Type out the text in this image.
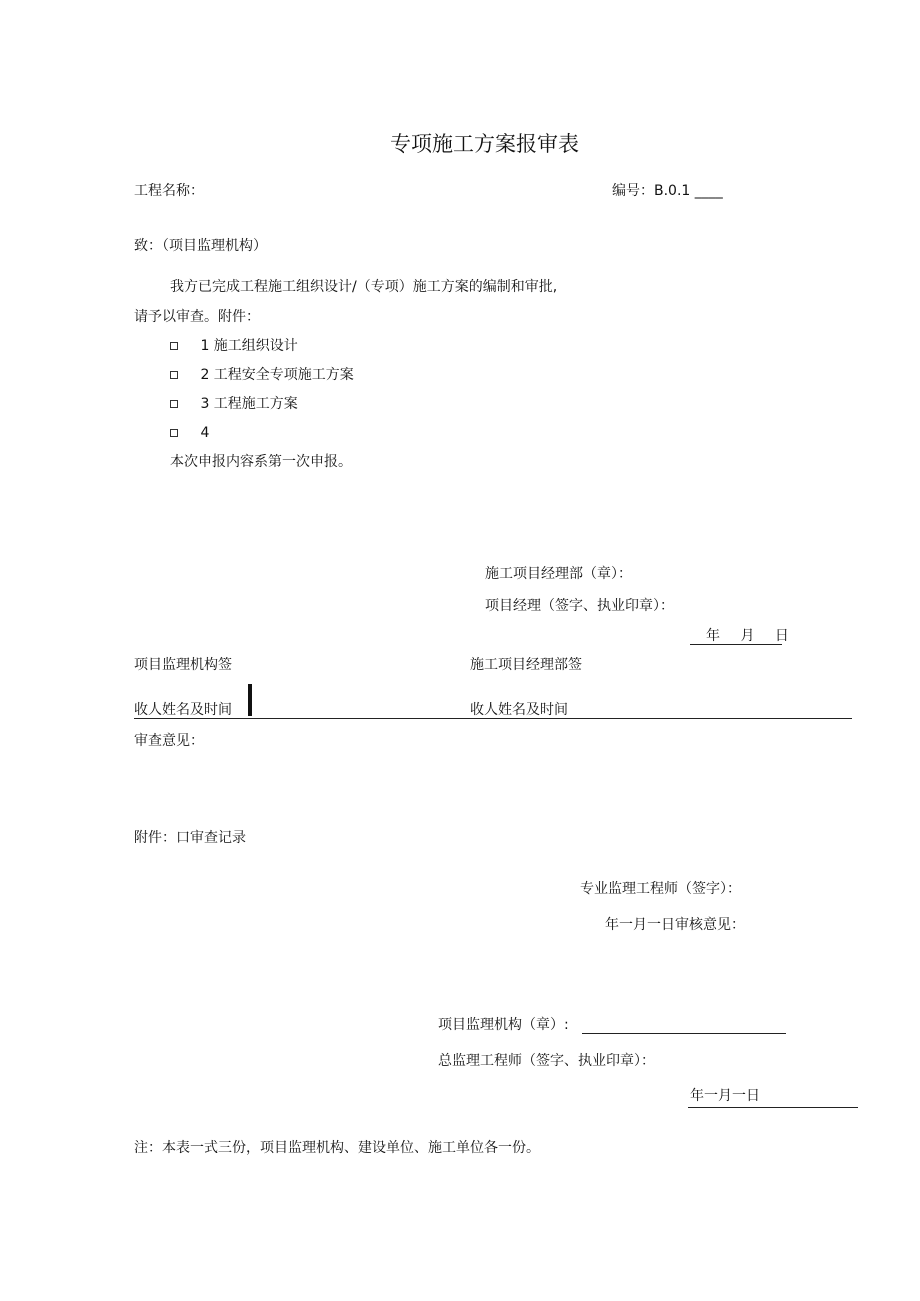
专项施工方案报审表
工程名称：	编号：B.0.1 ____
致：（项目监理机构）
我方已完成工程施工组织设计/（专项）施工方案的编制和审批,
请予以审查。附件：
1 施工组织设计
2 工程安全专项施工方案
3 工程施工方案
4
本次申报内容系第一次申报。
施工项目经理部（章）：
项目经理（签字、执业印章）：
年 月 日
项目监理机构签	施工项目经理部签
收人姓名及时间	收人姓名及时间
审查意见：
附件：口审查记录
专业监理工程师（签字）：
年一月一日审核意见：
项目监理机构（章）:
总监理工程师（签字、执业印章）：
年一月一日
注：本表一式三份，项目监理机构、建设单位、施工单位各一份。
